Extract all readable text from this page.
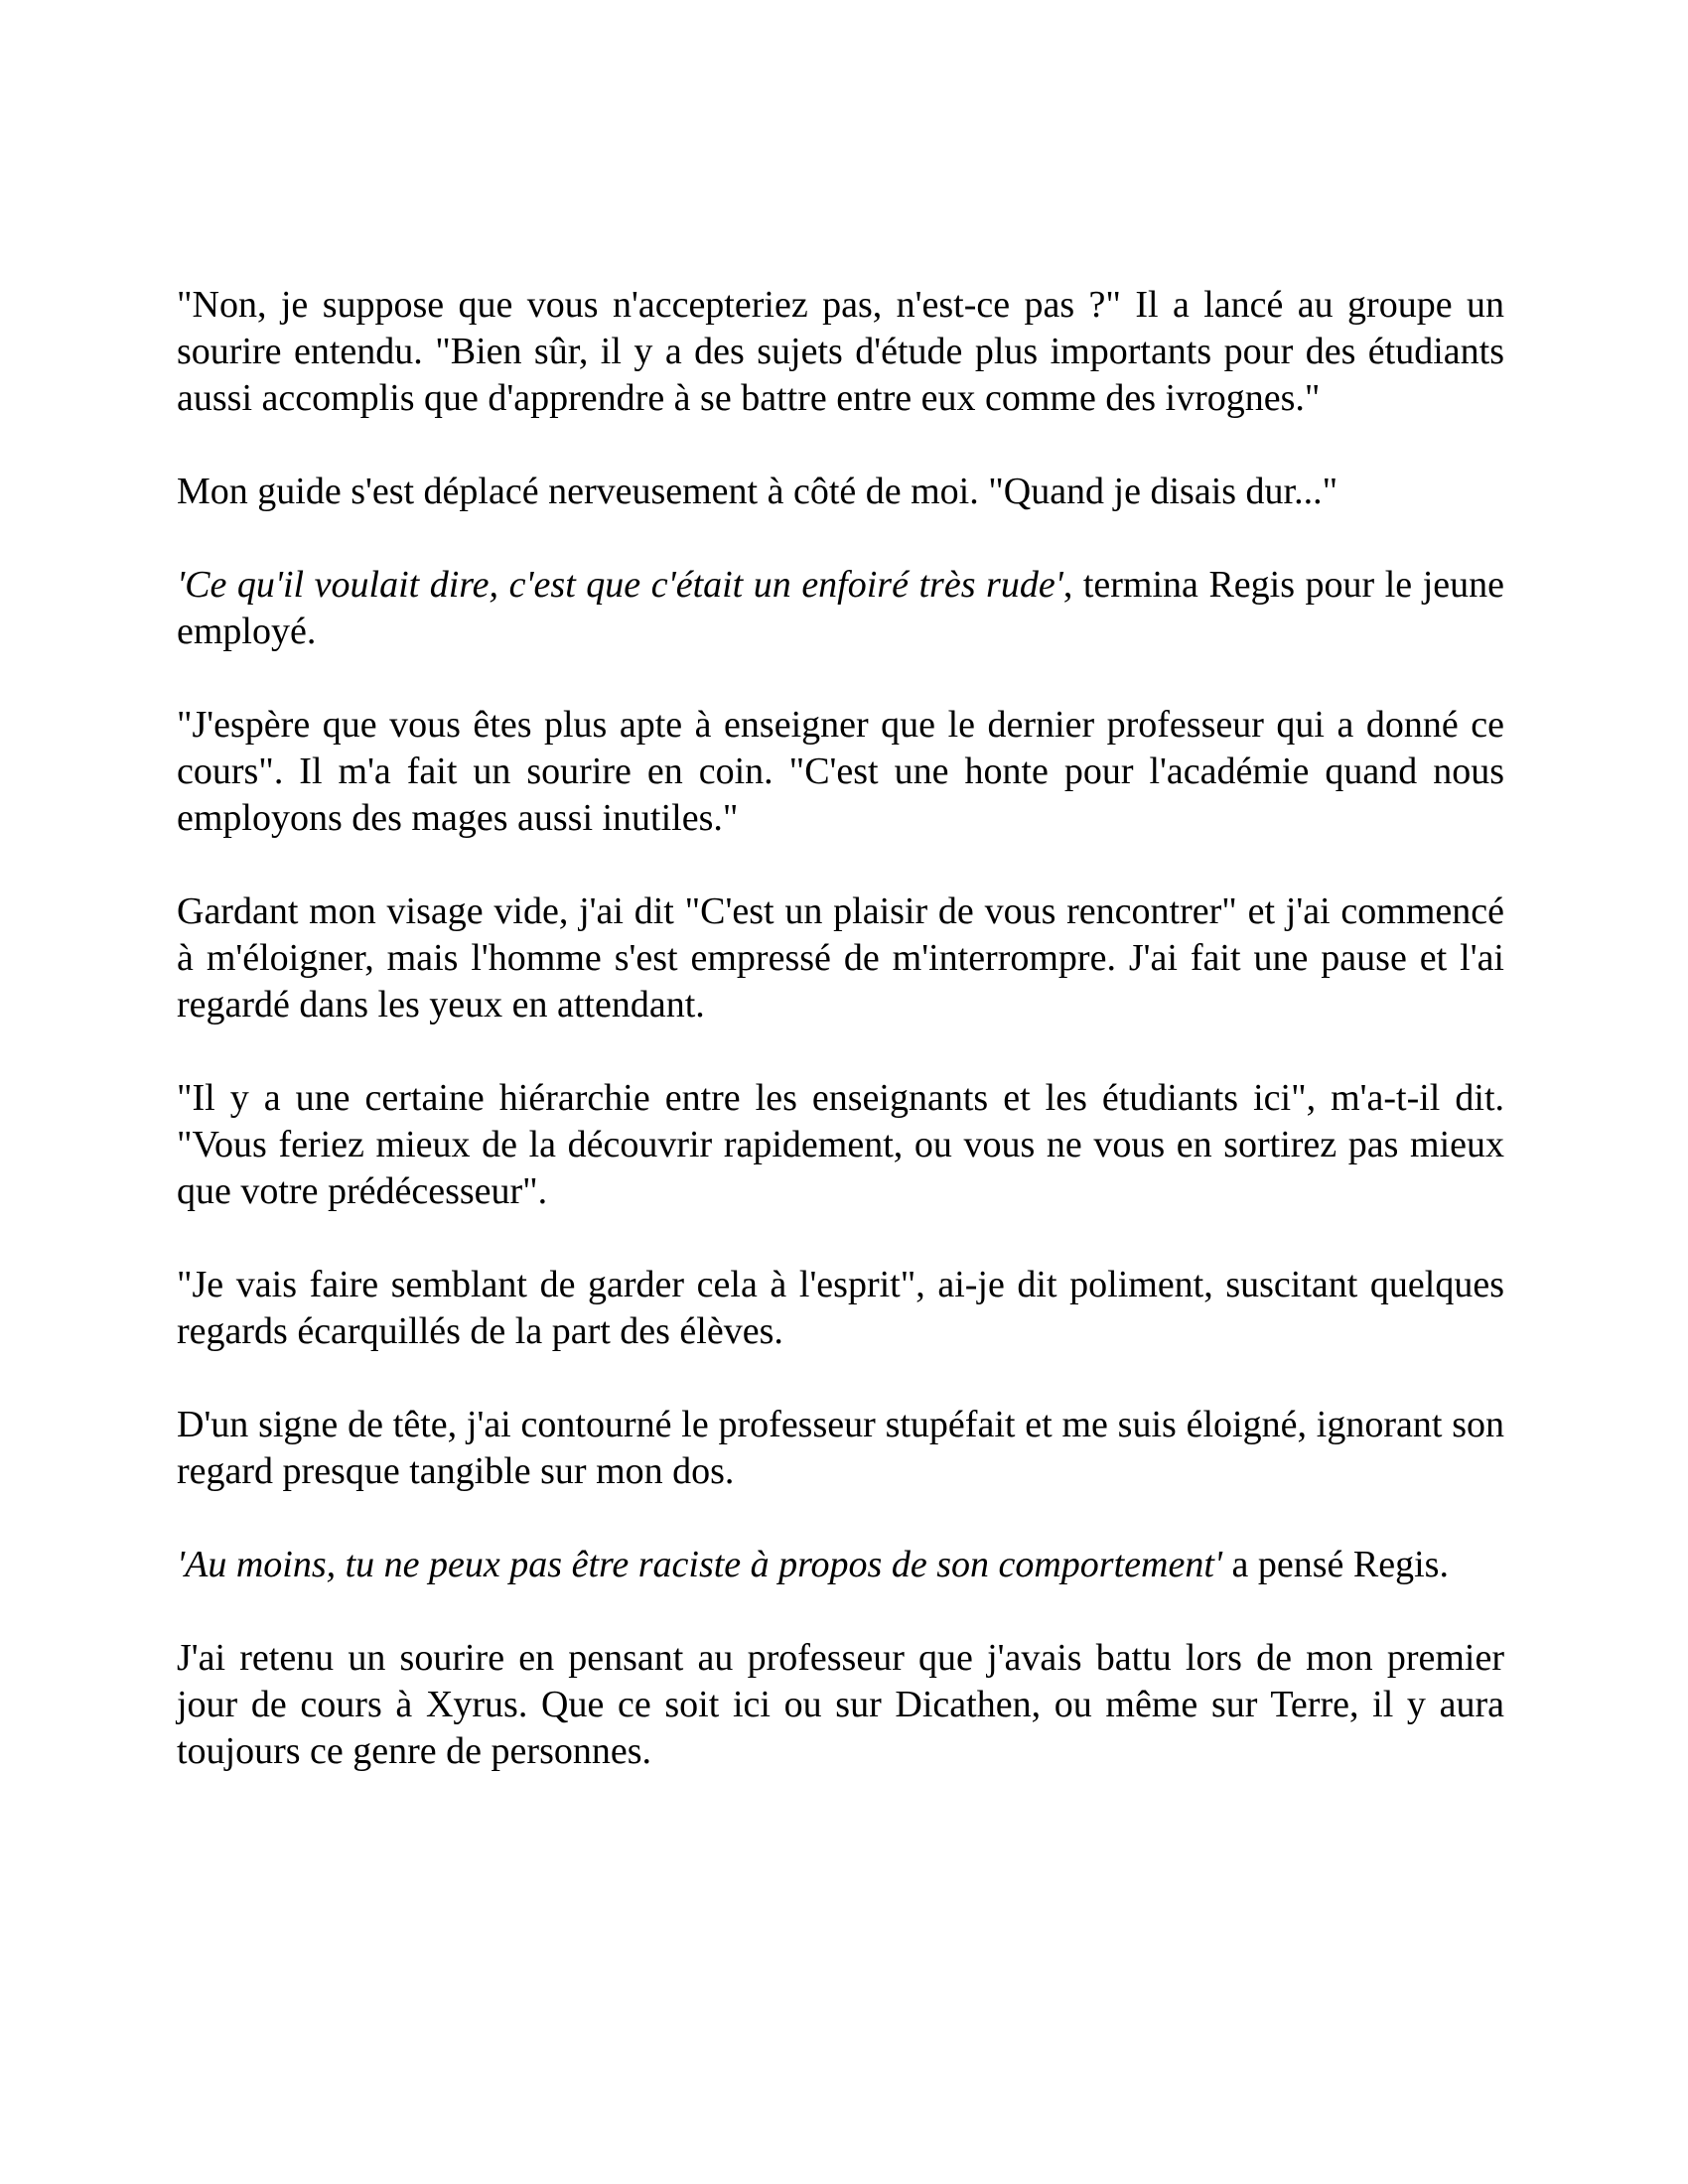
"Non, je suppose que vous n'accepteriez pas, n'est-ce pas ?" Il a lancé au groupe un sourire entendu. "Bien sûr, il y a des sujets d'étude plus importants pour des étudiants aussi accomplis que d'apprendre à se battre entre eux comme des ivrognes."

Mon guide s'est déplacé nerveusement à côté de moi. "Quand je disais dur..."

'Ce qu'il voulait dire, c'est que c'était un enfoiré très rude', termina Regis pour le jeune employé.

"J'espère que vous êtes plus apte à enseigner que le dernier professeur qui a donné ce cours". Il m'a fait un sourire en coin. "C'est une honte pour l'académie quand nous employons des mages aussi inutiles."

Gardant mon visage vide, j'ai dit "C'est un plaisir de vous rencontrer" et j'ai commencé à m'éloigner, mais l'homme s'est empressé de m'interrompre. J'ai fait une pause et l'ai regardé dans les yeux en attendant.

"Il y a une certaine hiérarchie entre les enseignants et les étudiants ici", m'a-t-il dit. "Vous feriez mieux de la découvrir rapidement, ou vous ne vous en sortirez pas mieux que votre prédécesseur".

"Je vais faire semblant de garder cela à l'esprit", ai-je dit poliment, suscitant quelques regards écarquillés de la part des élèves.

D'un signe de tête, j'ai contourné le professeur stupéfait et me suis éloigné, ignorant son regard presque tangible sur mon dos.

'Au moins, tu ne peux pas être raciste à propos de son comportement' a pensé Regis.

J'ai retenu un sourire en pensant au professeur que j'avais battu lors de mon premier jour de cours à Xyrus. Que ce soit ici ou sur Dicathen, ou même sur Terre, il y aura toujours ce genre de personnes.
